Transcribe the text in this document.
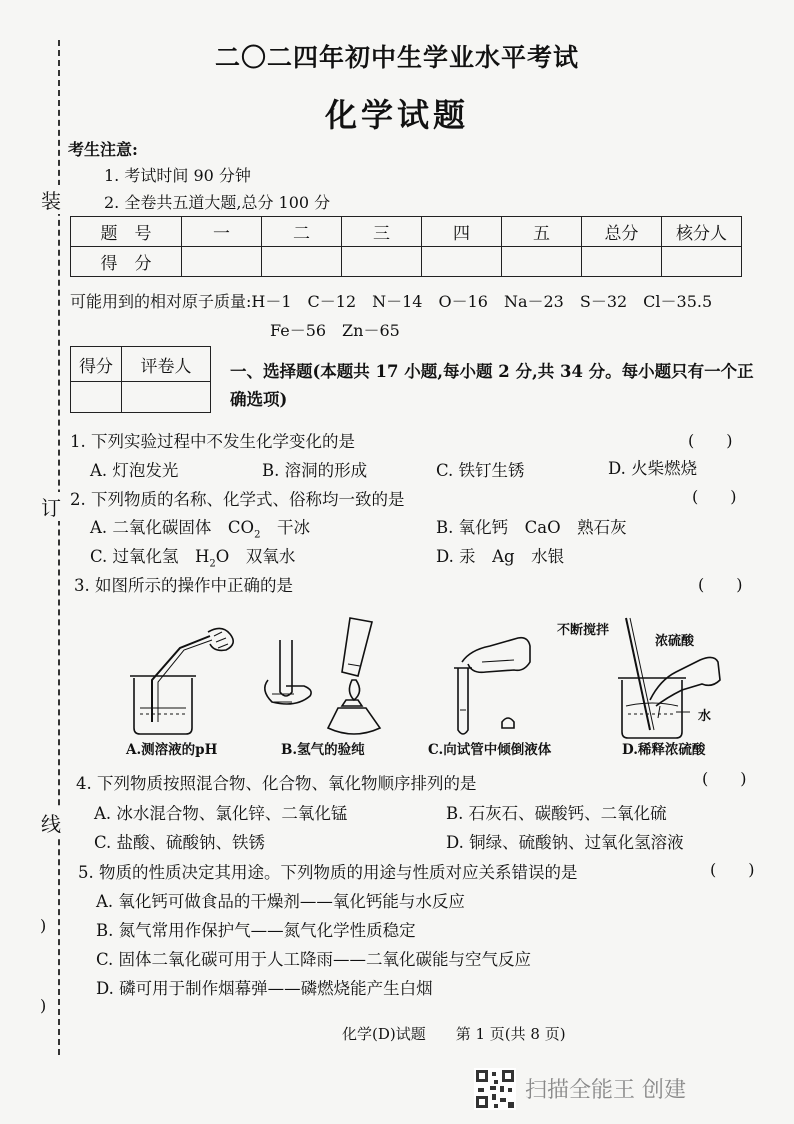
装
订
线
二〇二四年初中生学业水平考试
化学试题
考生注意:
1. 考试时间 90 分钟
2. 全卷共五道大题,总分 100 分
题　号	一	二	三	四	五	总分	核分人
得　分							
可能用到的相对原子质量:H－1　C－12　N－14　O－16　Na－23　S－32　Cl－35.5
Fe－56　Zn－65
得分	评卷人
	一、选择题(本题共 17 小题,每小题 2 分,共 34 分。每小题只有一个正
确选项)
1. 下列实验过程中不发生化学变化的是	(　　)
A. 灯泡发光	B. 溶洞的形成	C. 铁钉生锈	D. 火柴燃烧
2. 下列物质的名称、化学式、俗称均一致的是	(　　)
A. 二氧化碳固体　 $CO_2$　 干冰	B. 氧化钙　CaO　熟石灰
C. 过氧化氢　 $H_2O$　 双氧水	D. 汞　Ag　水银
3. 如图所示的操作中正确的是	(　　)
不断搅拌
浓硫酸
水
A.测溶液的pH	B.氢气的验纯	C.向试管中倾倒液体	D.稀释浓硫酸
4. 下列物质按照混合物、化合物、氧化物顺序排列的是	(　　)
A. 冰水混合物、氯化锌、二氧化锰	B. 石灰石、碳酸钙、二氧化硫
C. 盐酸、硫酸钠、铁锈	D. 铜绿、硫酸钠、过氧化氢溶液
5. 物质的性质决定其用途。下列物质的用途与性质对应关系错误的是	(　　)
A. 氧化钙可做食品的干燥剂——氧化钙能与水反应
B. 氮气常用作保护气——氮气化学性质稳定
C. 固体二氧化碳可用于人工降雨——二氧化碳能与空气反应
D. 磷可用于制作烟幕弹——磷燃烧能产生白烟
)
)
化学(D)试题　　第 1 页(共 8 页)
扫描全能王 创建
